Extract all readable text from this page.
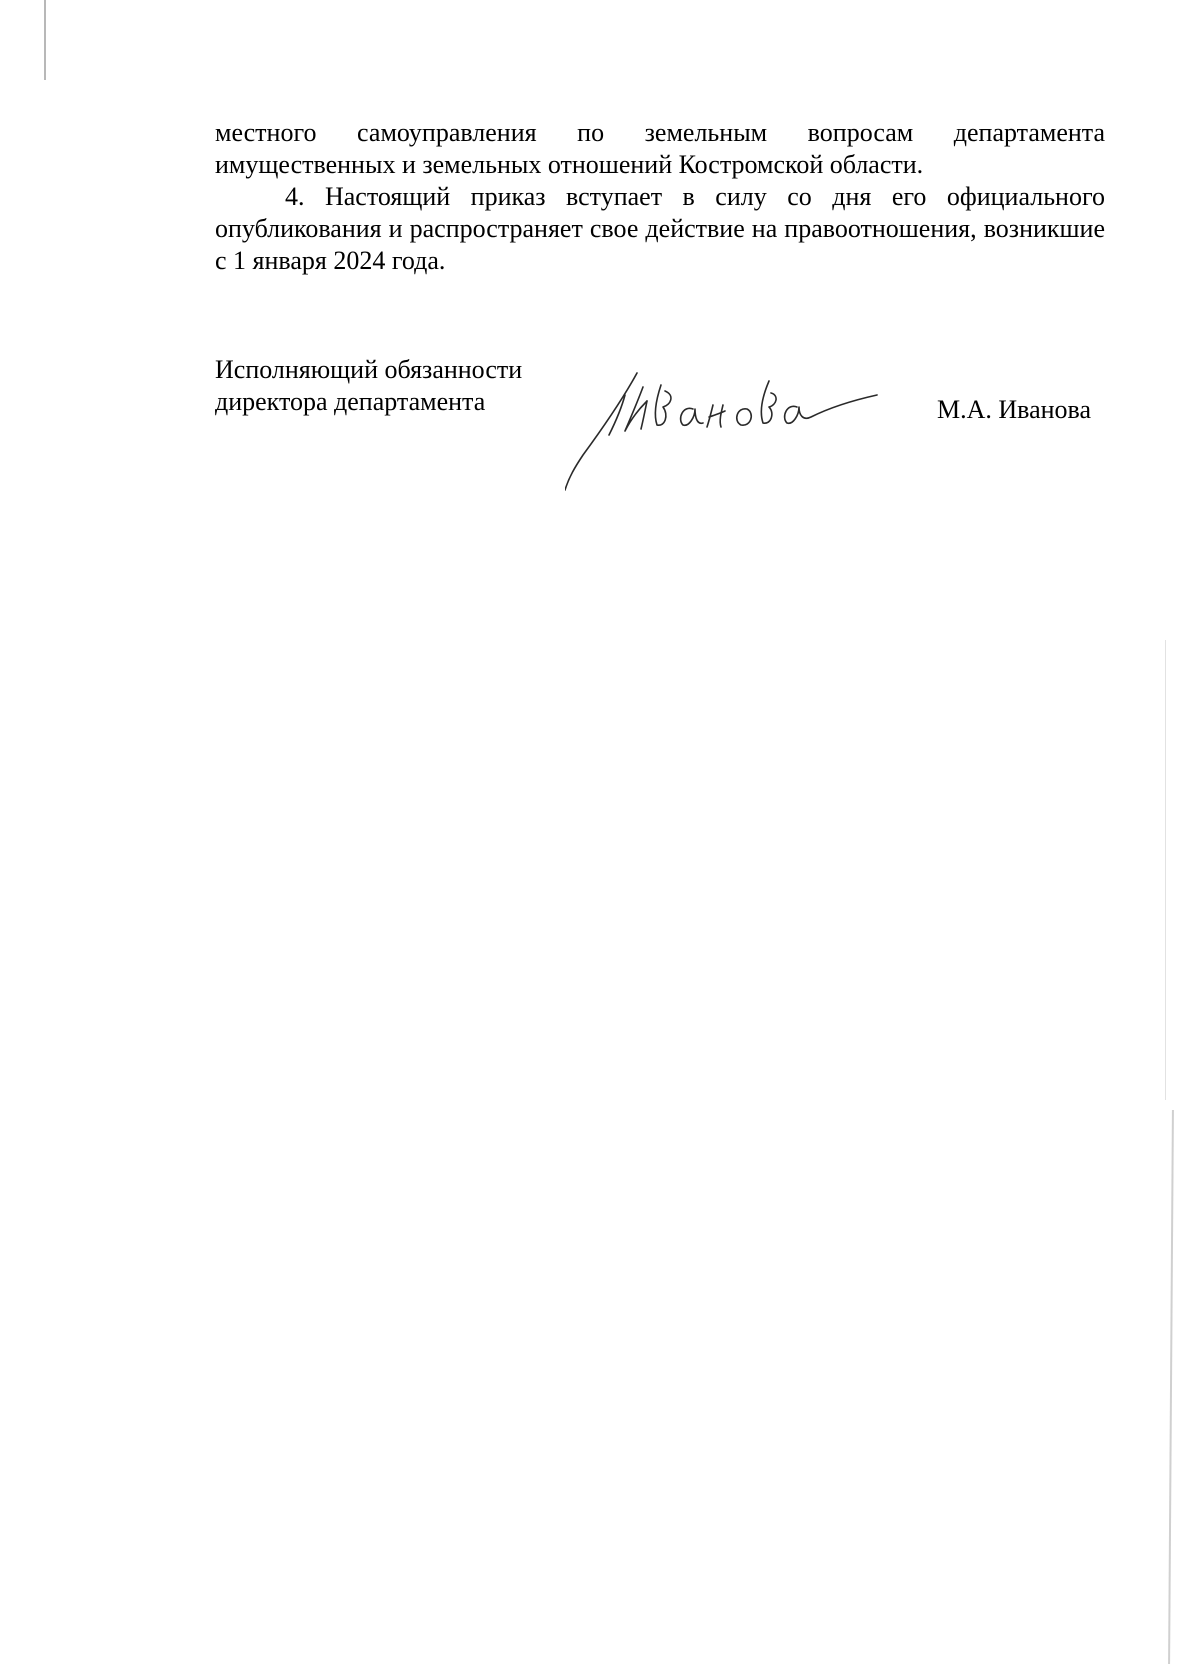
местного самоуправления по земельным вопросам департамента имущественных и земельных отношений Костромской области.

4. Настоящий приказ вступает в силу со дня его официального опубликования и распространяет свое действие на правоотношения, возникшие с 1 января 2024 года.

Исполняющий обязанности
директора департамента	М.А. Иванова
Иванова
